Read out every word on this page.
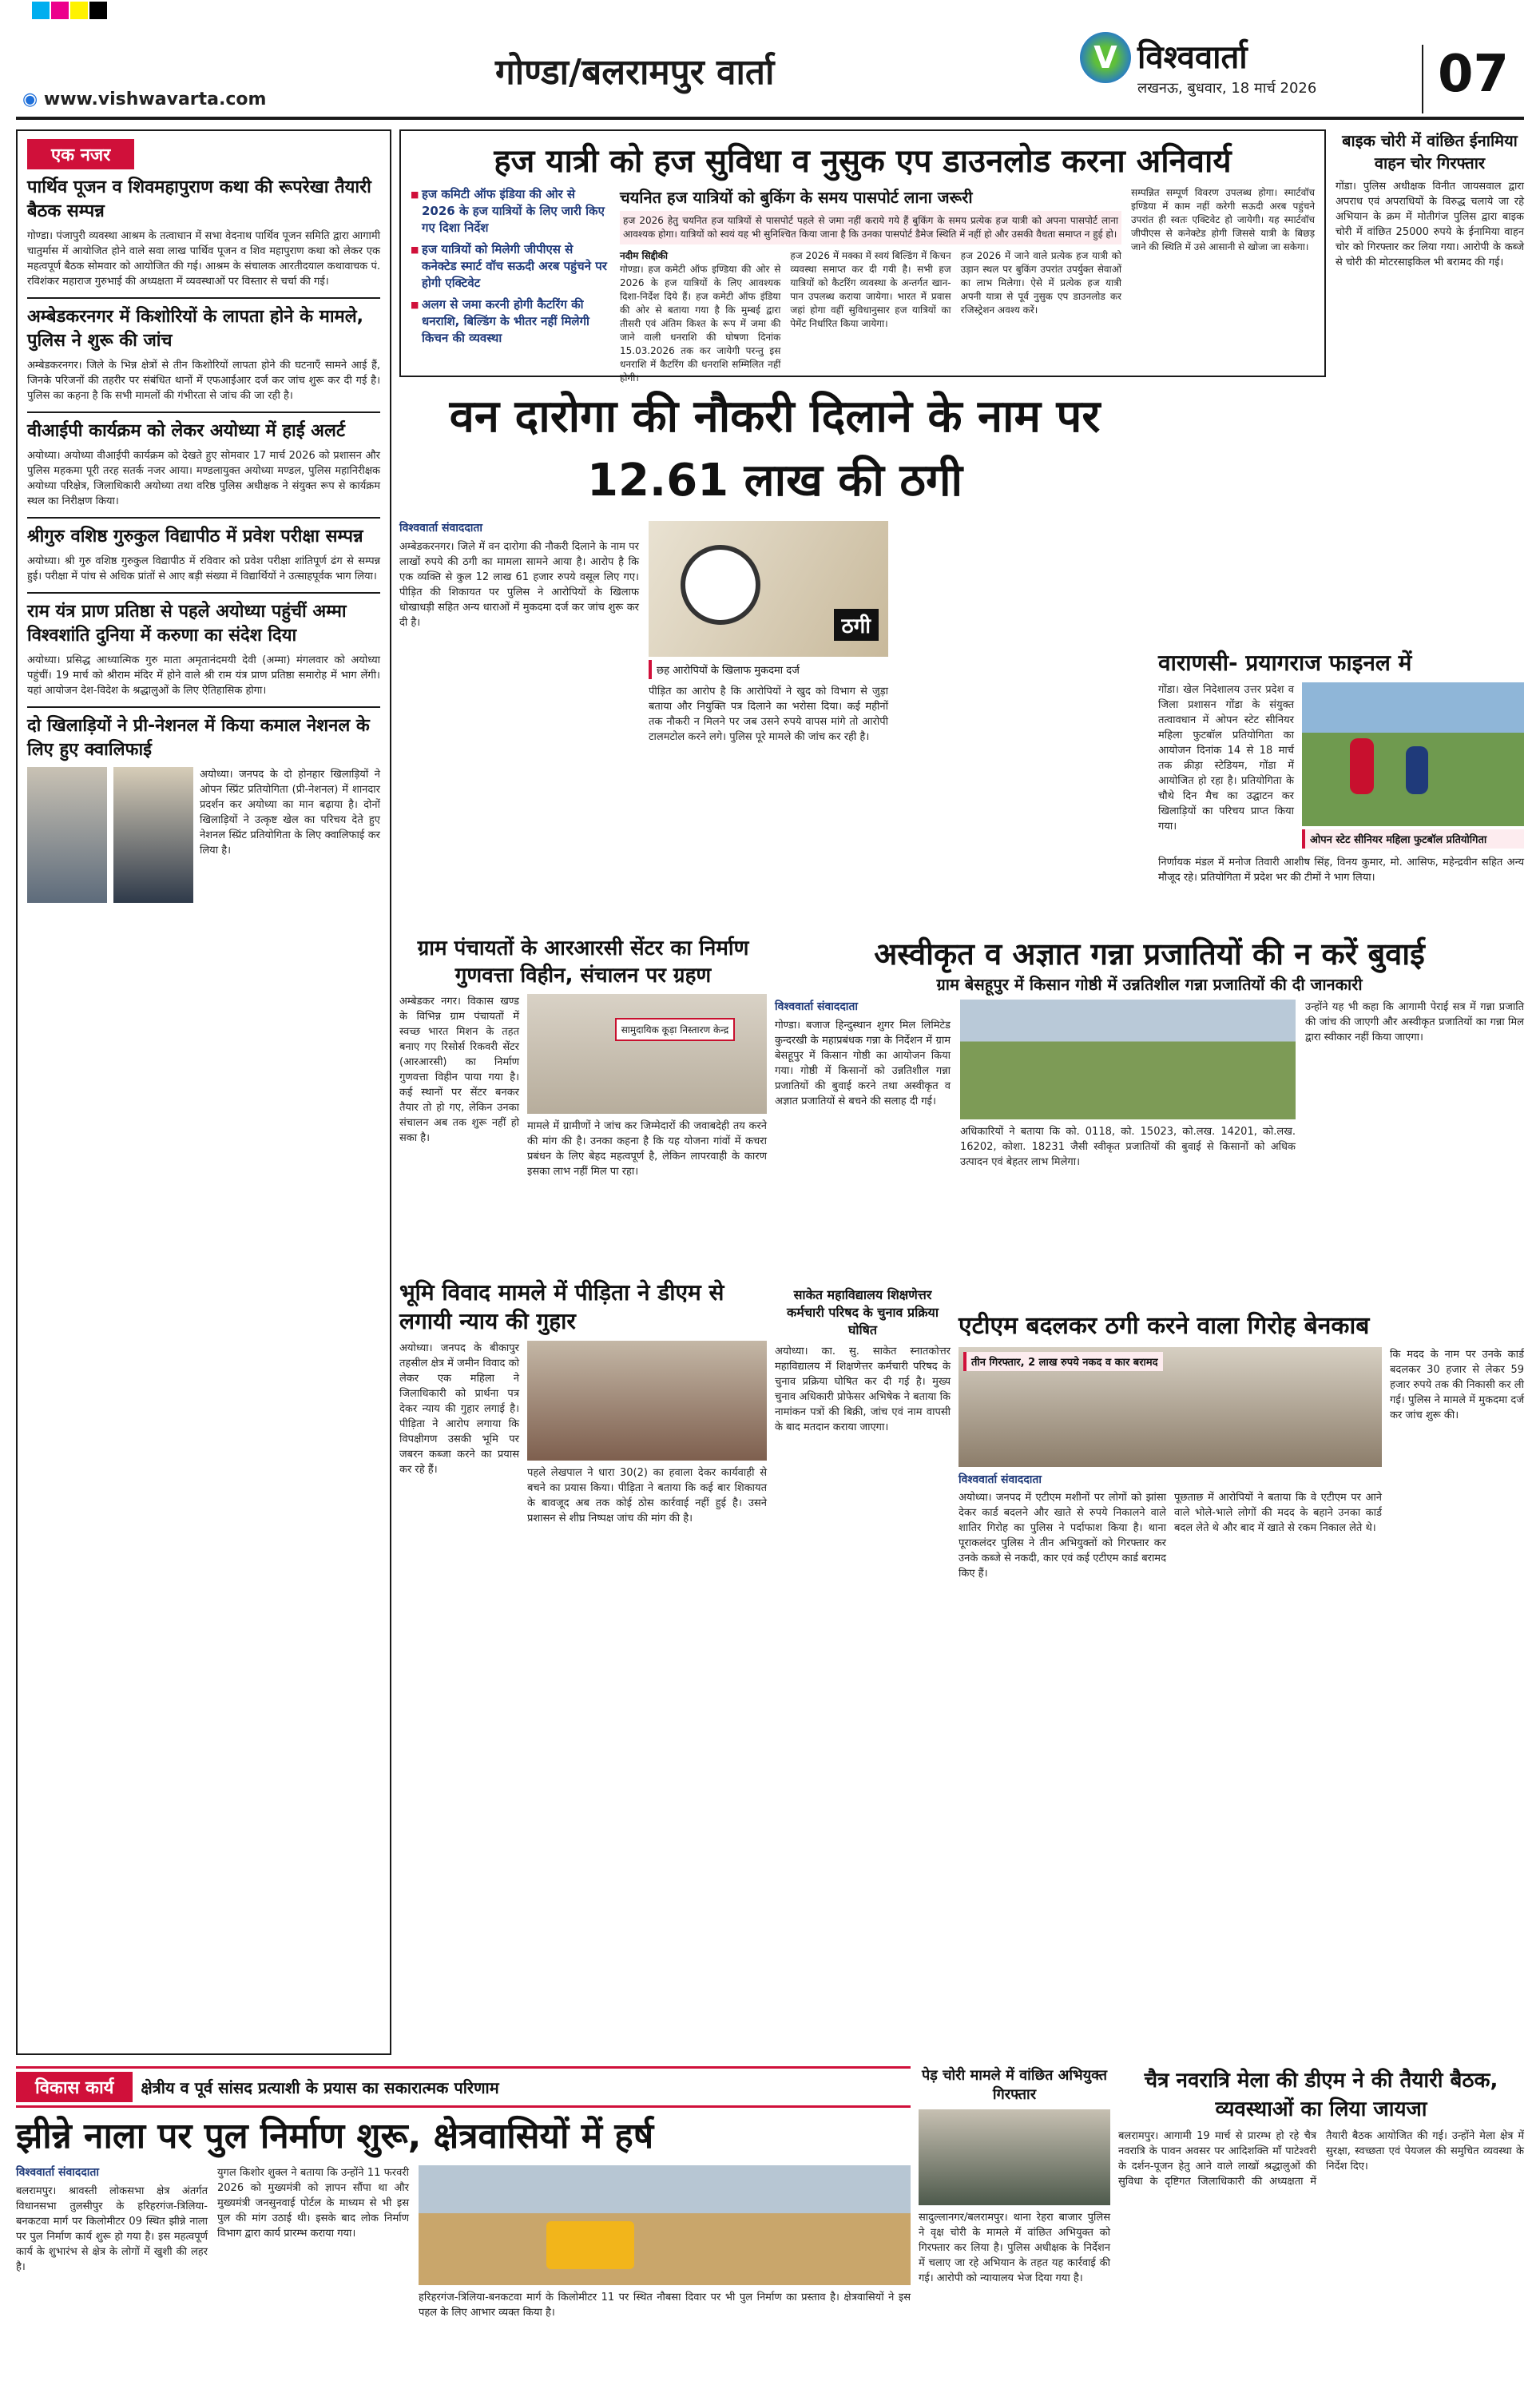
गोण्डा/बलरामपुर वार्ता
◉ www.vishwavarta.com
V विश्ववार्ता
लखनऊ, बुधवार, 18 मार्च 2026 07
एक नजर
पार्थिव पूजन व शिवमहापुराण कथा की रूपरेखा तैयारी बैठक सम्पन्न
गोण्डा। पंजापुरी व्यवस्था आश्रम के तत्वाधान में सभा वेदनाथ पार्थिव पूजन समिति द्वारा आगामी चातुर्मास में आयोजित होने वाले सवा लाख पार्थिव पूजन व शिव महापुराण कथा को लेकर एक महत्वपूर्ण बैठक सोमवार को आयोजित की गई। आश्रम के संचालक आरतीदयाल कथावाचक पं. रविशंकर महाराज गुरुभाई की अध्यक्षता में व्यवस्थाओं पर विस्तार से चर्चा की गई।
अम्बेडकरनगर में किशोरियों के लापता होने के मामले, पुलिस ने शुरू की जांच
अम्बेडकरनगर। जिले के भिन्न क्षेत्रों से तीन किशोरियों लापता होने की घटनाएँ सामने आई हैं, जिनके परिजनों की तहरीर पर संबंधित थानों में एफआईआर दर्ज कर जांच शुरू कर दी गई है। पुलिस का कहना है कि सभी मामलों की गंभीरता से जांच की जा रही है।
वीआईपी कार्यक्रम को लेकर अयोध्या में हाई अलर्ट
अयोध्या। अयोध्या वीआईपी कार्यक्रम को देखते हुए सोमवार 17 मार्च 2026 को प्रशासन और पुलिस महकमा पूरी तरह सतर्क नजर आया। मण्डलायुक्त अयोध्या मण्डल, पुलिस महानिरीक्षक अयोध्या परिक्षेत्र, जिलाधिकारी अयोध्या तथा वरिष्ठ पुलिस अधीक्षक ने संयुक्त रूप से कार्यक्रम स्थल का निरीक्षण किया।
श्रीगुरु वशिष्ठ गुरुकुल विद्यापीठ में प्रवेश परीक्षा सम्पन्न
अयोध्या। श्री गुरु वशिष्ठ गुरुकुल विद्यापीठ में रविवार को प्रवेश परीक्षा शांतिपूर्ण ढंग से सम्पन्न हुई। परीक्षा में पांच से अधिक प्रांतों से आए बड़ी संख्या में विद्यार्थियों ने उत्साहपूर्वक भाग लिया।
राम यंत्र प्राण प्रतिष्ठा से पहले अयोध्या पहुंचीं अम्मा विश्वशांति दुनिया में करुणा का संदेश दिया
अयोध्या। प्रसिद्ध आध्यात्मिक गुरु माता अमृतानंदमयी देवी (अम्मा) मंगलवार को अयोध्या पहुंचीं। 19 मार्च को श्रीराम मंदिर में होने वाले श्री राम यंत्र प्राण प्रतिष्ठा समारोह में भाग लेंगी। यहां आयोजन देश-विदेश के श्रद्धालुओं के लिए ऐतिहासिक होगा।
दो खिलाड़ियों ने प्री-नेशनल में किया कमाल नेशनल के लिए हुए क्वालिफाई
अयोध्या। जनपद के दो होनहार खिलाड़ियों ने ओपन स्प्रिंट प्रतियोगिता (प्री-नेशनल) में शानदार प्रदर्शन कर अयोध्या का मान बढ़ाया है। दोनों खिलाड़ियों ने उत्कृष्ट खेल का परिचय देते हुए नेशनल स्प्रिंट प्रतियोगिता के लिए क्वालिफाई कर लिया है।
हज यात्री को हज सुविधा व नुसुक एप डाउनलोड करना अनिवार्य
■ हज कमिटी ऑफ इंडिया की ओर से 2026 के हज यात्रियों के लिए जारी किए गए दिशा निर्देश
■ हज यात्रियों को मिलेगी जीपीएस से कनेक्टेड स्मार्ट वॉच सऊदी अरब पहुंचने पर होगी एक्टिवेट
■ अलग से जमा करनी होगी कैटरिंग की धनराशि, बिल्डिंग के भीतर नहीं मिलेगी किचन की व्यवस्था
चयनित हज यात्रियों को बुकिंग के समय पासपोर्ट लाना जरूरी
हज 2026 हेतु चयनित हज यात्रियों से पासपोर्ट पहले से जमा नहीं कराये गये हैं बुकिंग के समय प्रत्येक हज यात्री को अपना पासपोर्ट लाना आवश्यक होगा। यात्रियों को स्वयं यह भी सुनिश्चित किया जाना है कि उनका पासपोर्ट डैमेज स्थिति में नहीं हो और उसकी वैधता समाप्त न हुई हो।
नदीम सिद्दीकी
गोण्डा। हज कमेटी ऑफ इण्डिया की ओर से 2026 के हज यात्रियों के लिए आवश्यक दिशा-निर्देश दिये हैं। हज कमेटी ऑफ इंडिया की ओर से बताया गया है कि मुम्बई द्वारा तीसरी एवं अंतिम किश्त के रूप में जमा की जाने वाली धनराशि की घोषणा दिनांक 15.03.2026 तक कर जायेगी परन्तु इस धनराशि में कैटरिंग की धनराशि सम्मिलित नहीं होगी।
हज 2026 में मक्का में स्वयं बिल्डिंग में किचन व्यवस्था समाप्त कर दी गयी है। सभी हज यात्रियों को कैटरिंग व्यवस्था के अन्तर्गत खान-पान उपलब्ध कराया जायेगा। भारत में प्रवास जहां होगा वहीं सुविधानुसार हज यात्रियों का पेमेंट निर्धारित किया जायेगा।
हज 2026 में जाने वाले प्रत्येक हज यात्री को उड़ान स्थल पर बुकिंग उपरांत उपर्युक्त सेवाओं का लाभ मिलेगा। ऐसे में प्रत्येक हज यात्री अपनी यात्रा से पूर्व नुसुक एप डाउनलोड कर रजिस्ट्रेशन अवश्य करें।
सम्पन्नित सम्पूर्ण विवरण उपलब्ध होगा। स्मार्टवॉच इण्डिया में काम नहीं करेगी सऊदी अरब पहुंचने उपरांत ही स्वतः एक्टिवेट हो जायेगी। यह स्मार्टवॉच जीपीएस से कनेक्टेड होगी जिससे यात्री के बिछड़ जाने की स्थिति में उसे आसानी से खोजा जा सकेगा।
बाइक चोरी में वांछित ईनामिया वाहन चोर गिरफ्तार
गोंडा। पुलिस अधीक्षक विनीत जायसवाल द्वारा अपराध एवं अपराधियों के विरुद्ध चलाये जा रहे अभियान के क्रम में मोतीगंज पुलिस द्वारा बाइक चोरी में वांछित 25000 रुपये के ईनामिया वाहन चोर को गिरफ्तार कर लिया गया। आरोपी के कब्जे से चोरी की मोटरसाइकिल भी बरामद की गई।
वन दारोगा की नौकरी दिलाने के नाम पर 12.61 लाख की ठगी
विश्ववार्ता संवाददाता
अम्बेडकरनगर। जिले में वन दारोगा की नौकरी दिलाने के नाम पर लाखों रुपये की ठगी का मामला सामने आया है। आरोप है कि एक व्यक्ति से कुल 12 लाख 61 हजार रुपये वसूल लिए गए। पीड़ित की शिकायत पर पुलिस ने आरोपियों के खिलाफ धोखाधड़ी सहित अन्य धाराओं में मुकदमा दर्ज कर जांच शुरू कर दी है।	ठगी
छह आरोपियों के खिलाफ मुकदमा दर्ज
पीड़ित का आरोप है कि आरोपियों ने खुद को विभाग से जुड़ा बताया और नियुक्ति पत्र दिलाने का भरोसा दिया। कई महीनों तक नौकरी न मिलने पर जब उसने रुपये वापस मांगे तो आरोपी टालमटोल करने लगे। पुलिस पूरे मामले की जांच कर रही है।
वाराणसी- प्रयागराज फाइनल में
गोंडा। खेल निदेशालय उत्तर प्रदेश व जिला प्रशासन गोंडा के संयुक्त तत्वावधान में ओपन स्टेट सीनियर महिला फुटबॉल प्रतियोगिता का आयोजन दिनांक 14 से 18 मार्च तक क्रीड़ा स्टेडियम, गोंडा में आयोजित हो रहा है। प्रतियोगिता के चौथे दिन मैच का उद्घाटन कर खिलाड़ियों का परिचय प्राप्त किया गया।
ओपन स्टेट सीनियर महिला फुटबॉल प्रतियोगिता
निर्णायक मंडल में मनोज तिवारी आशीष सिंह, विनय कुमार, मो. आसिफ, महेन्द्रवीन सहित अन्य मौजूद रहे। प्रतियोगिता में प्रदेश भर की टीमों ने भाग लिया।
ग्राम पंचायतों के आरआरसी सेंटर का निर्माण गुणवत्ता विहीन, संचालन पर ग्रहण
अम्बेडकर नगर। विकास खण्ड के विभिन्न ग्राम पंचायतों में स्वच्छ भारत मिशन के तहत बनाए गए रिसोर्स रिकवरी सेंटर (आरआरसी) का निर्माण गुणवत्ता विहीन पाया गया है। कई स्थानों पर सेंटर बनकर तैयार तो हो गए, लेकिन उनका संचालन अब तक शुरू नहीं हो सका है।
सामुदायिक कूड़ा निस्तारण केन्द्र
मामले में ग्रामीणों ने जांच कर जिम्मेदारों की जवाबदेही तय करने की मांग की है। उनका कहना है कि यह योजना गांवों में कचरा प्रबंधन के लिए बेहद महत्वपूर्ण है, लेकिन लापरवाही के कारण इसका लाभ नहीं मिल पा रहा।
अस्वीकृत व अज्ञात गन्ना प्रजातियों की न करें बुवाई
ग्राम बेसहूपुर में किसान गोष्ठी में उन्नतिशील गन्ना प्रजातियों की दी जानकारी
विश्ववार्ता संवाददाता
गोण्डा। बजाज हिन्दुस्थान शुगर मिल लिमिटेड कुन्दरखी के महाप्रबंधक गन्ना के निर्देशन में ग्राम बेसहूपुर में किसान गोष्ठी का आयोजन किया गया। गोष्ठी में किसानों को उन्नतिशील गन्ना प्रजातियों की बुवाई करने तथा अस्वीकृत व अज्ञात प्रजातियों से बचने की सलाह दी गई।
अधिकारियों ने बताया कि को. 0118, को. 15023, को.लख. 14201, को.लख. 16202, कोशा. 18231 जैसी स्वीकृत प्रजातियों की बुवाई से किसानों को अधिक उत्पादन एवं बेहतर लाभ मिलेगा।
उन्होंने यह भी कहा कि आगामी पेराई सत्र में गन्ना प्रजाति की जांच की जाएगी और अस्वीकृत प्रजातियों का गन्ना मिल द्वारा स्वीकार नहीं किया जाएगा।
भूमि विवाद मामले में पीड़िता ने डीएम से लगायी न्याय की गुहार
अयोध्या। जनपद के बीकापुर तहसील क्षेत्र में जमीन विवाद को लेकर एक महिला ने जिलाधिकारी को प्रार्थना पत्र देकर न्याय की गुहार लगाई है। पीड़िता ने आरोप लगाया कि विपक्षीगण उसकी भूमि पर जबरन कब्जा करने का प्रयास कर रहे हैं।	पहले लेखपाल ने धारा 30(2) का हवाला देकर कार्यवाही से बचने का प्रयास किया। पीड़िता ने बताया कि कई बार शिकायत के बावजूद अब तक कोई ठोस कार्रवाई नहीं हुई है। उसने प्रशासन से शीघ्र निष्पक्ष जांच की मांग की है।
साकेत महाविद्यालय शिक्षणेत्तर कर्मचारी परिषद के चुनाव प्रक्रिया घोषित
अयोध्या। का. सु. साकेत स्नातकोत्तर महाविद्यालय में शिक्षणेत्तर कर्मचारी परिषद के चुनाव प्रक्रिया घोषित कर दी गई है। मुख्य चुनाव अधिकारी प्रोफेसर अभिषेक ने बताया कि नामांकन पत्रों की बिक्री, जांच एवं नाम वापसी के बाद मतदान कराया जाएगा।
एटीएम बदलकर ठगी करने वाला गिरोह बेनकाब
तीन गिरफ्तार, 2 लाख रुपये नकद व कार बरामद
विश्ववार्ता संवाददाता
अयोध्या। जनपद में एटीएम मशीनों पर लोगों को झांसा देकर कार्ड बदलने और खाते से रुपये निकालने वाले शातिर गिरोह का पुलिस ने पर्दाफाश किया है। थाना पूराकलंदर पुलिस ने तीन अभियुक्तों को गिरफ्तार कर उनके कब्जे से नकदी, कार एवं कई एटीएम कार्ड बरामद किए हैं।
पूछताछ में आरोपियों ने बताया कि वे एटीएम पर आने वाले भोले-भाले लोगों की मदद के बहाने उनका कार्ड बदल लेते थे और बाद में खाते से रकम निकाल लेते थे।
कि मदद के नाम पर उनके कार्ड बदलकर 30 हजार से लेकर 59 हजार रुपये तक की निकासी कर ली गई। पुलिस ने मामले में मुकदमा दर्ज कर जांच शुरू की।
विकास कार्य	क्षेत्रीय व पूर्व सांसद प्रत्याशी के प्रयास का सकारात्मक परिणाम
झीन्ने नाला पर पुल निर्माण शुरू, क्षेत्रवासियों में हर्ष
विश्ववार्ता संवाददाता
बलरामपुर। श्रावस्ती लोकसभा क्षेत्र अंतर्गत विधानसभा तुलसीपुर के हरिहरगंज-त्रिलिया-बनकटवा मार्ग पर किलोमीटर 09 स्थित झीन्ने नाला पर पुल निर्माण कार्य शुरू हो गया है। इस महत्वपूर्ण कार्य के शुभारंभ से क्षेत्र के लोगों में खुशी की लहर है।
युगल किशोर शुक्ल ने बताया कि उन्होंने 11 फरवरी 2026 को मुख्यमंत्री को ज्ञापन सौंपा था और मुख्यमंत्री जनसुनवाई पोर्टल के माध्यम से भी इस पुल की मांग उठाई थी। इसके बाद लोक निर्माण विभाग द्वारा कार्य प्रारम्भ कराया गया।
हरिहरगंज-त्रिलिया-बनकटवा मार्ग के किलोमीटर 11 पर स्थित नौबसा दिवार पर भी पुल निर्माण का प्रस्ताव है। क्षेत्रवासियों ने इस पहल के लिए आभार व्यक्त किया है।
पेड़ चोरी मामले में वांछित अभियुक्त गिरफ्तार
सादुल्लानगर/बलरामपुर। थाना रेहरा बाजार पुलिस ने वृक्ष चोरी के मामले में वांछित अभियुक्त को गिरफ्तार कर लिया है। पुलिस अधीक्षक के निर्देशन में चलाए जा रहे अभियान के तहत यह कार्रवाई की गई। आरोपी को न्यायालय भेज दिया गया है।
चैत्र नवरात्रि मेला की डीएम ने की तैयारी बैठक, व्यवस्थाओं का लिया जायजा
बलरामपुर। आगामी 19 मार्च से प्रारम्भ हो रहे चैत्र नवरात्रि के पावन अवसर पर आदिशक्ति माँ पाटेश्वरी के दर्शन-पूजन हेतु आने वाले लाखों श्रद्धालुओं की सुविधा के दृष्टिगत जिलाधिकारी की अध्यक्षता में तैयारी बैठक आयोजित की गई। उन्होंने मेला क्षेत्र में सुरक्षा, स्वच्छता एवं पेयजल की समुचित व्यवस्था के निर्देश दिए।
